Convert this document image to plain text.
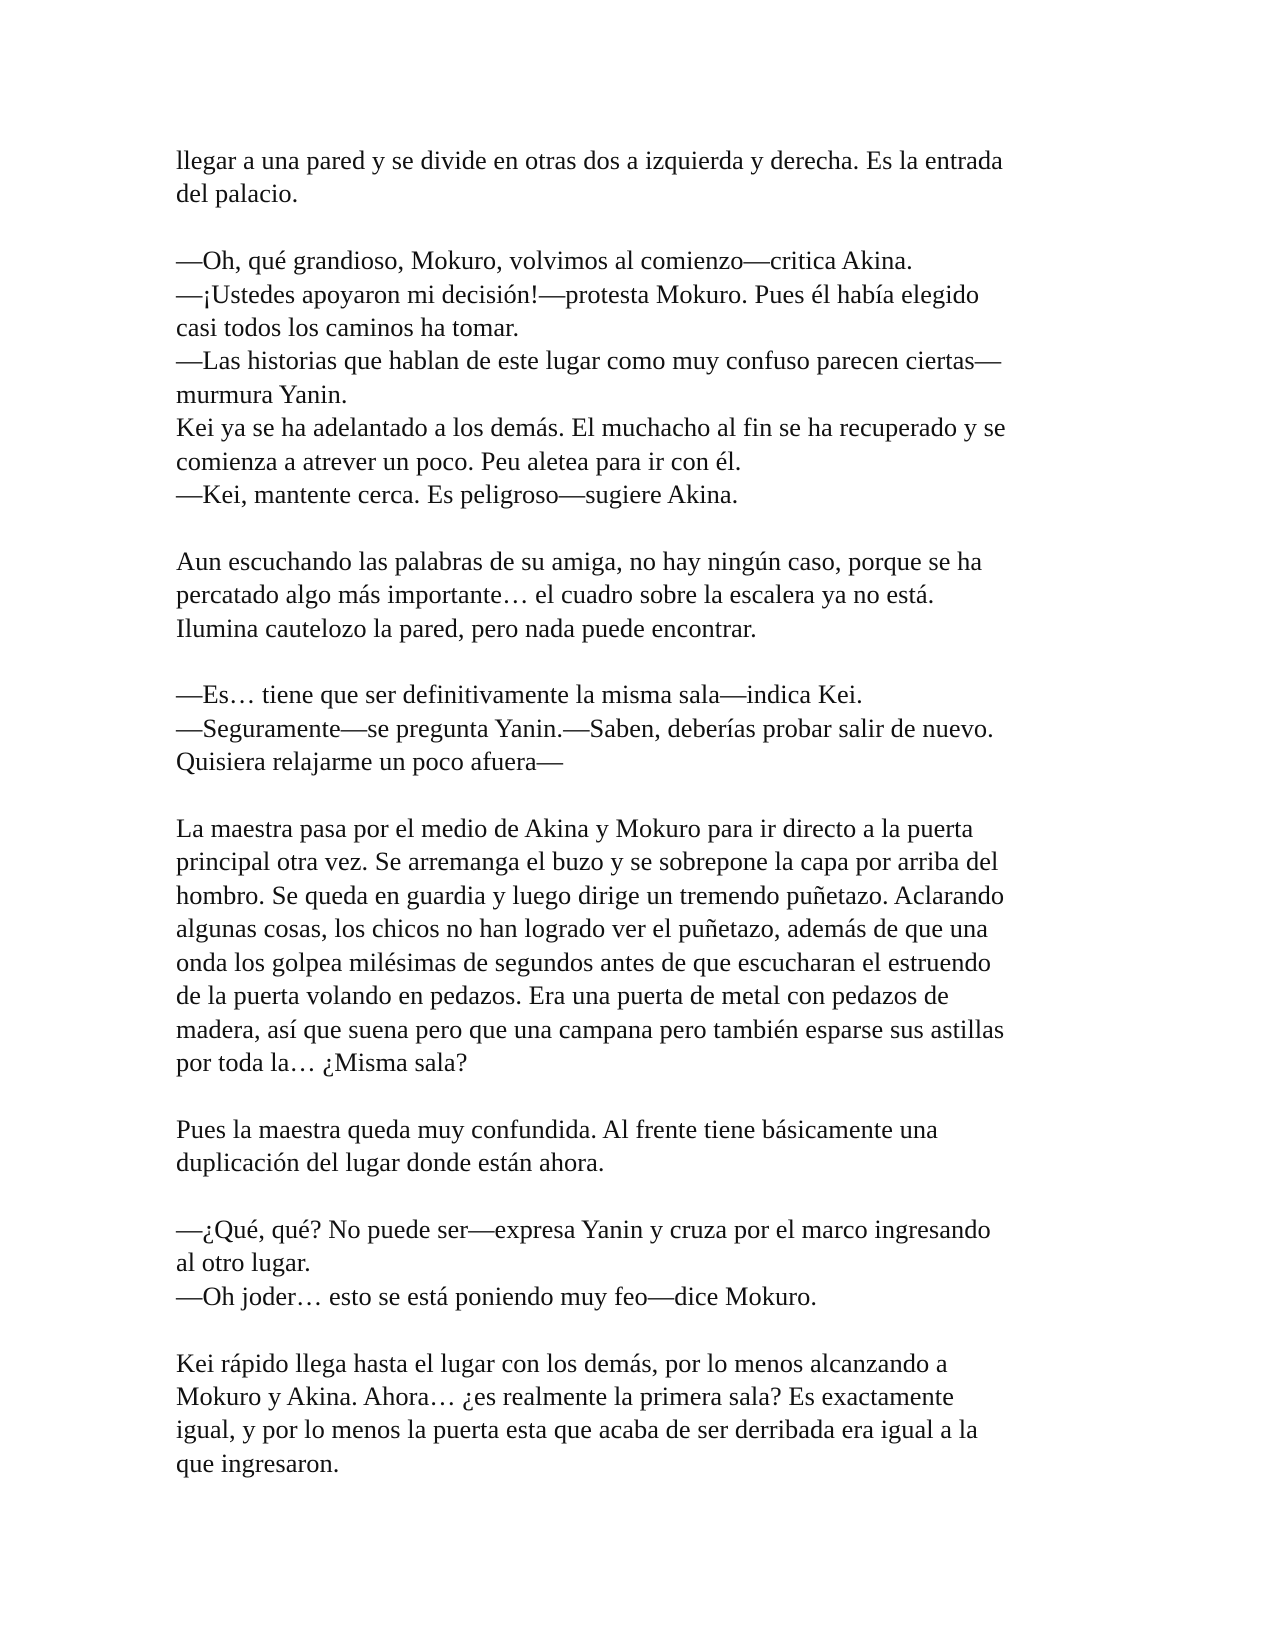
llegar a una pared y se divide en otras dos a izquierda y derecha. Es la entrada
del palacio.
—Oh, qué grandioso, Mokuro, volvimos al comienzo—critica Akina.
—¡Ustedes apoyaron mi decisión!—protesta Mokuro. Pues él había elegido
casi todos los caminos ha tomar.
—Las historias que hablan de este lugar como muy confuso parecen ciertas—
murmura Yanin.
Kei ya se ha adelantado a los demás. El muchacho al fin se ha recuperado y se
comienza a atrever un poco. Peu aletea para ir con él.
—Kei, mantente cerca. Es peligroso—sugiere Akina.
Aun escuchando las palabras de su amiga, no hay ningún caso, porque se ha
percatado algo más importante… el cuadro sobre la escalera ya no está.
Ilumina cautelozo la pared, pero nada puede encontrar.
—Es… tiene que ser definitivamente la misma sala—indica Kei.
—Seguramente—se pregunta Yanin.—Saben, deberías probar salir de nuevo.
Quisiera relajarme un poco afuera—
La maestra pasa por el medio de Akina y Mokuro para ir directo a la puerta
principal otra vez. Se arremanga el buzo y se sobrepone la capa por arriba del
hombro. Se queda en guardia y luego dirige un tremendo puñetazo. Aclarando
algunas cosas, los chicos no han logrado ver el puñetazo, además de que una
onda los golpea milésimas de segundos antes de que escucharan el estruendo
de la puerta volando en pedazos. Era una puerta de metal con pedazos de
madera, así que suena pero que una campana pero también esparse sus astillas
por toda la… ¿Misma sala?
Pues la maestra queda muy confundida. Al frente tiene básicamente una
duplicación del lugar donde están ahora.
—¿Qué, qué? No puede ser—expresa Yanin y cruza por el marco ingresando
al otro lugar.
—Oh joder… esto se está poniendo muy feo—dice Mokuro.
Kei rápido llega hasta el lugar con los demás, por lo menos alcanzando a
Mokuro y Akina. Ahora… ¿es realmente la primera sala? Es exactamente
igual, y por lo menos la puerta esta que acaba de ser derribada era igual a la
que ingresaron.
